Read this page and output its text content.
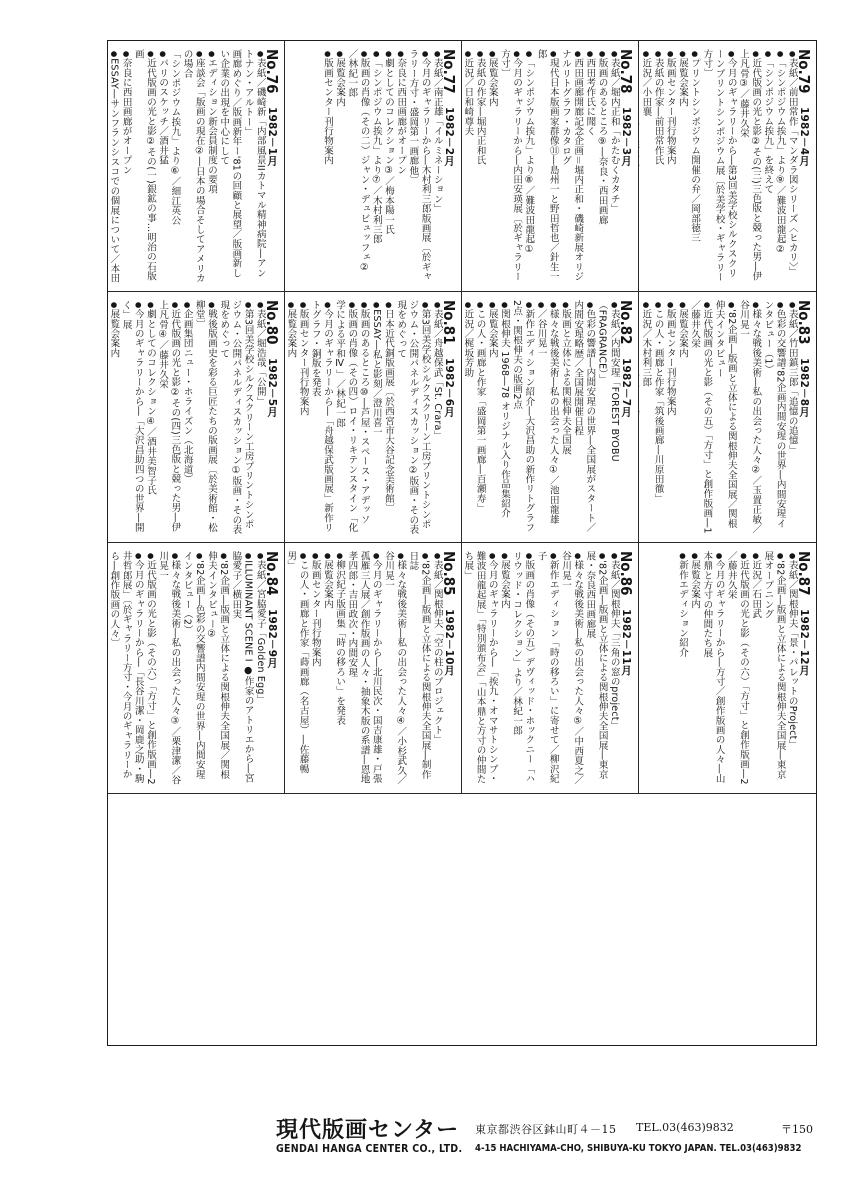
No.76　1982－1月
● 表紙／磯崎新「内部風景IIカトマル精神病院―アントナン・アルトー」
画廊めぐり／版画新年ー'81の回顧と展望／版画新しい企業の出現を中心にして
● エディション新会員制度の要項
● 座談会「版画の現在②―日本の場合そしてアメリカの場合
「シンポジウム挨九」より⑥／細江英公
● パリのスケッチ／酒井猛
● 近代版画の光と影②その(一)銀鉱の事…明治の石版画
● 奈良に西田画廊がオープン
● ESSAY―サンフランシスコでの個展について／本田
No.77　1982－2月
● 表紙／南正雄「イルミネーション」
● 今月のギャラリーから―木村利三郎版画展〔於ギャラリー方寸・盛岡第一画廊他〕
● 奈良に西田画廊がオープン
● 劇としてのコレクション③／梅本陽一氏
● 「シンポジウム挨九」より⑦／木村利三郎
● 版画の肖像（その二）ジャン・デュビュッフェ②
／林紀一郎
● 展覧会案内
● 版画センター刊行物案内	No.78　1982－3月
● 表紙／堀内正和「かたむくカタチ」
● 版画のあるところ⑨―奈良・西田画廊
● 西田考作氏に聞く
● 西田画廊開廊記念企画＝堀内正和・磯崎新展オリジナルリトグラフ・カタログ
● 現代日本版画家群像⑪―島州一と野田哲也／針生一郎
● 「シンポジウム挨九」より⑧／難波田龍起①
● 今月のギャラリーから―内田安瑛展〔於ギャラリー方寸〕
● 展覧会案内
● 表紙の作家―堀内正和氏
● 近況／日和崎尊夫	No.79　1982－4月
● 表紙／前田常作「マンダラ図シリーズ〈ヒカリ〉」
● 「シンポジウム挨九」より⑨／難波田龍起②
● 「シンポジウム挨九」を終えて
● 近代版画の光と影②その(三)三色版と競った男―伊上凡骨③／藤井久栄
● 今月のギャラリーから―第3回美学校シルクスクリーンプリントシンポジウム展〔於美学校・ギャラリー方寸〕
● プリントシンポジウム開催の弁／岡部徳三
● 展覧会案内
● 版画センター刊行物案内
● 表紙の作家―前田常作氏
● 近況／小田襄
●
No.80　1982－5月
● 表紙／堀浩哉「公開」
● 第3回美学校シルクスクリーン工房プリントシンポジウム・公開パネルディスカッション①版画・その表現をめぐって
● 戦後版画史を彩る巨匠たちの版画展〔於美術館・松柳堂〕
● 企画集団ニュー・ホライズン（北海道）
● 近代版画の光と影②その(四)三色版と競った男―伊上凡骨④／藤井久栄
● 劇としてのコレクション④／酒井美智子氏
● 今月のギャラリーから―「大沢昌助四つの世界―開く」展
● 展覧会案内	No.81　1982－6月
● 表紙／舟越保武「St. Crara」
● 第3回美学校シルクスクリーン工房プリントシンポジウム・公開パネルディスカッション②版画・その表現をめぐって
● 日本近代銅版画展〔於西宮市大谷記念美術館〕
● ESSAY―私と影刻／澄川喜一
● 版画のあるところ⑩―芦屋・スペース・アデッソ
● 版画の肖像（その四）ロイ・リキテンスタイン「化学による平和Ⅳ」／林紀一郎
● 今月のギャラリーから―「舟越保武版画展」新作リトグラフ・銅版を発表
● 版画センター刊行物案内
● 展覧会案内	No.82　1982－7月
● 表紙／内間安瑆「FOREST BYOBU（FRAGRANCE）」
● 色彩の響譜―内間安瑆の世界―全国展がスタート／内間安瑆略歴／全国展開催日程
● 版画と立体による関根伸夫全国展
● 様々な戦後美術―私の出会った人々①／池田龍雄
● ／谷川晃一
● 新作エディション紹介―大沢昌助の新作リトグラフ2点・関根伸夫の版画2点
● 関根伸夫 1968―78 オリジナル入り作品集紹介
● 展覧会案内
● この人・画廊と作家「盛岡第一画廊―百瀬寿」
● 近況／梶坂芳助	No.83　1982－8月
● 表紙／竹田鎮三郎「追憶の追憶」
● 色彩の交響譜'82企画内間安瑆の世界―内間安瑆インタビュー（1）
● 様々な戦後美術―私の出会った人々②／玉置正敏／谷川晃一
● '82企画―版画と立体による関根伸夫全国展／関根伸夫インタビュー
● 近代版画の光と影（その五）「方寸」と創作版画―1／藤井久栄
● 展覧会案内
● 版画センター刊行物案内
● この人・画廊と作家「筑後画廊―川原田徹」
● 近況／木村利三郎
●
No.84　1982－9月
● 表紙／宮脇愛子「Golden Egg」
● ILLUMINANT SCENE I ●作家のアトリエから―宮脇愛子／横田実
● '82企画―版画と立体による関根伸夫全国展／関根伸夫インタビュー②
● '82企画―色彩の交響譜内間安瑆の世界―内間安瑆インタビュー（2）
● 様々な戦後美術―私の出会った人々③／栗津潔／谷川晃一
● 近代版画の光と影（その六）「方寸」と創作版画―2
● 今月のギャラリーから―「長谷川潔・岡鹿之助・駒井哲郎展」〔於ギャラリー方寸・今月のギャラリーから―創作版画の人々〕	No.85　1982－10月
● 表紙／関根伸夫「空の柱のプロジェクト」
● '82企画―版画と立体による関根伸夫全国展―制作日誌
● 様々な戦後美術―私の出会った人々④／小杉武久／谷川晃一
● 今月のギャラリーから―北川民次・国吉康雄・戸張孤雁三人展／創作版画の人々・抽象木版の系譜―恩地孝四郎・吉田政次・内間安瑆
● 柳沢紀子版画集「時の移ろい」を発表
● 展覧会案内
● 版画センター刊行物案内
● この人・画廊と作家「蒔画廊（名古屋）―佐藤暢男」	No.86　1982－11月
● 表紙／関根伸夫「三角の窓のproject」
● '82企画―版画と立体による関根伸夫全国展―東京展・奈良西田画廊展
● 様々な戦後美術―私の出会った人々⑤／中西夏之／谷川晃一
● 新作エディション「時の移ろい」に寄せて／柳沢紀子
● 版画の肖像（その五）デヴィッド・ホックニー「ハリウッド・コレクション」より／林紀一郎
● 展覧会案内
● 今月のギャラリーから―「挨九・オマサトシンブ・難波田龍起展」「特別頒布会」「山本鼎と方寸の仲間たち展」	No.87　1982－12月
● 表紙／関根伸夫「景・パレットのProject」
● '82企画―版画と立体による関根伸夫全国展―東京展オープニング
● 近況／石田武
● 近代版画の光と影（その六）「方寸」と創作版画―2／藤井久栄
● 今月のギャラリーから―方寸／創作版画の人々―山本鼎と方寸の仲間たち展
● 展覧会案内
● 新作エディション紹介
現代版画センター
GENDAI HANGA CENTER CO., LTD.
東京都渋谷区鉢山町４－15 TEL.03(463)9832	〒150
4-15 HACHIYAMA-CHO, SHIBUYA-KU TOKYO JAPAN. TEL.03(463)9832
